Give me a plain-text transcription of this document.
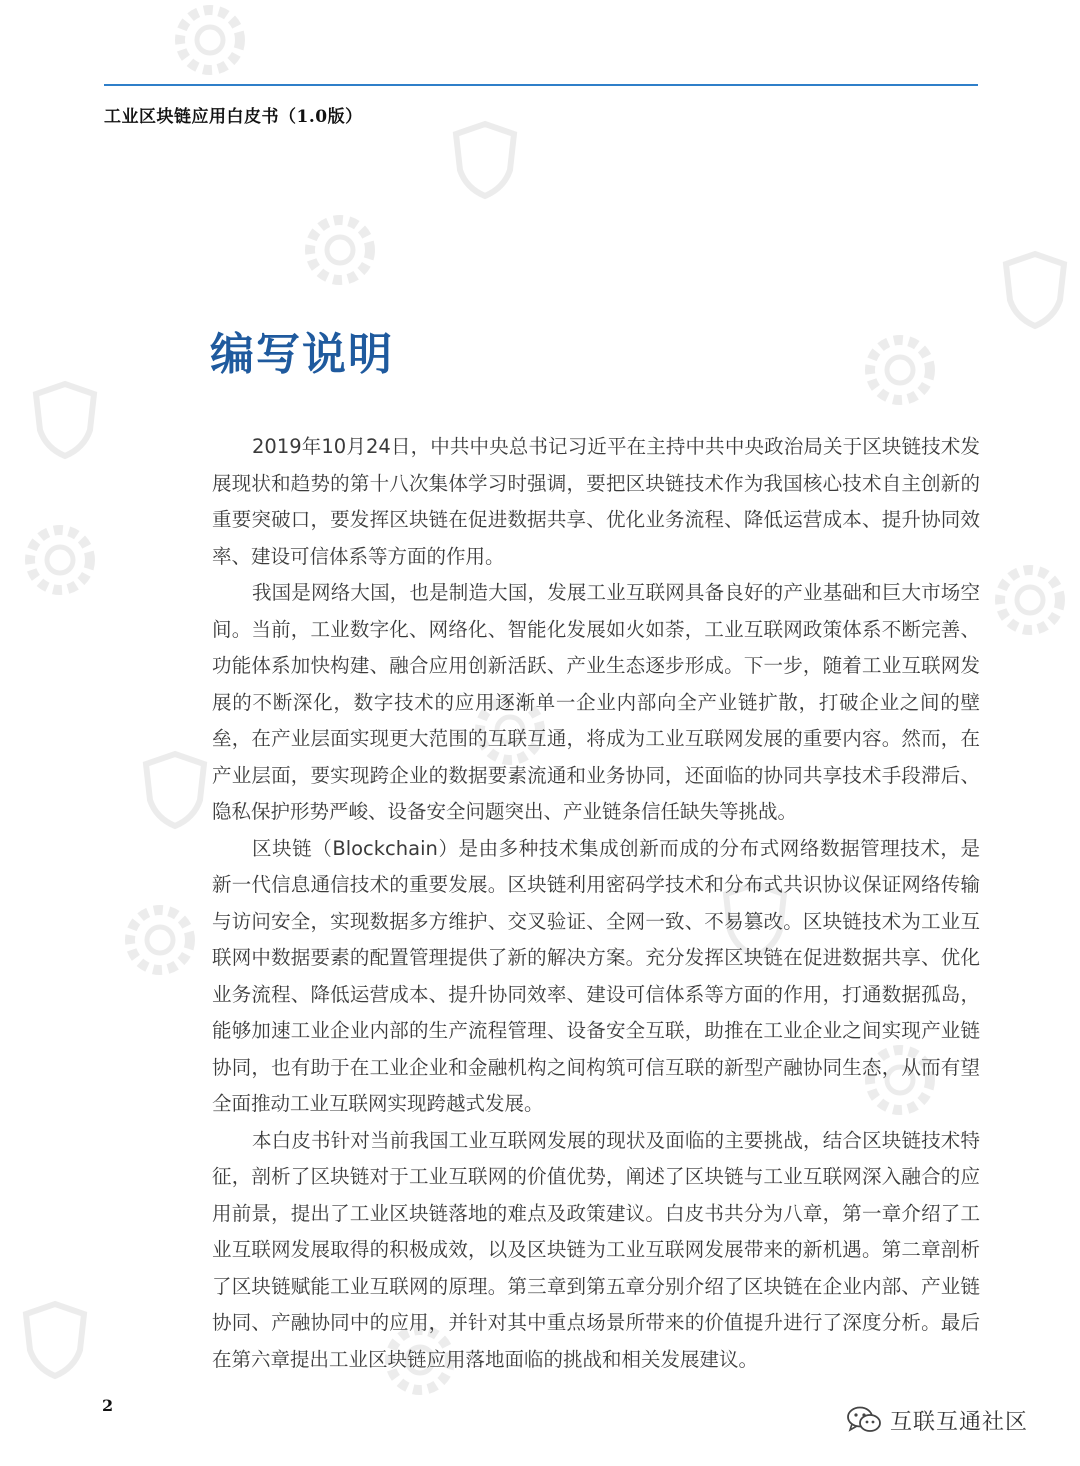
工业区块链应用白皮书（1.0版）
编写说明

2019年10月24日，中共中央总书记习近平在主持中共中央政治局关于区块链技术发展现状和趋势的第十八次集体学习时强调，要把区块链技术作为我国核心技术自主创新的重要突破口，要发挥区块链在促进数据共享、优化业务流程、降低运营成本、提升协同效率、建设可信体系等方面的作用。

我国是网络大国，也是制造大国，发展工业互联网具备良好的产业基础和巨大市场空间。当前，工业数字化、网络化、智能化发展如火如荼，工业互联网政策体系不断完善、功能体系加快构建、融合应用创新活跃、产业生态逐步形成。下一步，随着工业互联网发展的不断深化，数字技术的应用逐渐单一企业内部向全产业链扩散，打破企业之间的壁垒，在产业层面实现更大范围的互联互通，将成为工业互联网发展的重要内容。然而，在产业层面，要实现跨企业的数据要素流通和业务协同，还面临的协同共享技术手段滞后、隐私保护形势严峻、设备安全问题突出、产业链条信任缺失等挑战。

区块链（Blockchain）是由多种技术集成创新而成的分布式网络数据管理技术，是新一代信息通信技术的重要发展。区块链利用密码学技术和分布式共识协议保证网络传输与访问安全，实现数据多方维护、交叉验证、全网一致、不易篡改。区块链技术为工业互联网中数据要素的配置管理提供了新的解决方案。充分发挥区块链在促进数据共享、优化业务流程、降低运营成本、提升协同效率、建设可信体系等方面的作用，打通数据孤岛，能够加速工业企业内部的生产流程管理、设备安全互联，助推在工业企业之间实现产业链协同，也有助于在工业企业和金融机构之间构筑可信互联的新型产融协同生态，从而有望全面推动工业互联网实现跨越式发展。

本白皮书针对当前我国工业互联网发展的现状及面临的主要挑战，结合区块链技术特征，剖析了区块链对于工业互联网的价值优势，阐述了区块链与工业互联网深入融合的应用前景，提出了工业区块链落地的难点及政策建议。白皮书共分为八章，第一章介绍了工业互联网发展取得的积极成效，以及区块链为工业互联网发展带来的新机遇。第二章剖析了区块链赋能工业互联网的原理。第三章到第五章分别介绍了区块链在企业内部、产业链协同、产融协同中的应用，并针对其中重点场景所带来的价值提升进行了深度分析。最后在第六章提出工业区块链应用落地面临的挑战和相关发展建议。

2
互联互通社区
